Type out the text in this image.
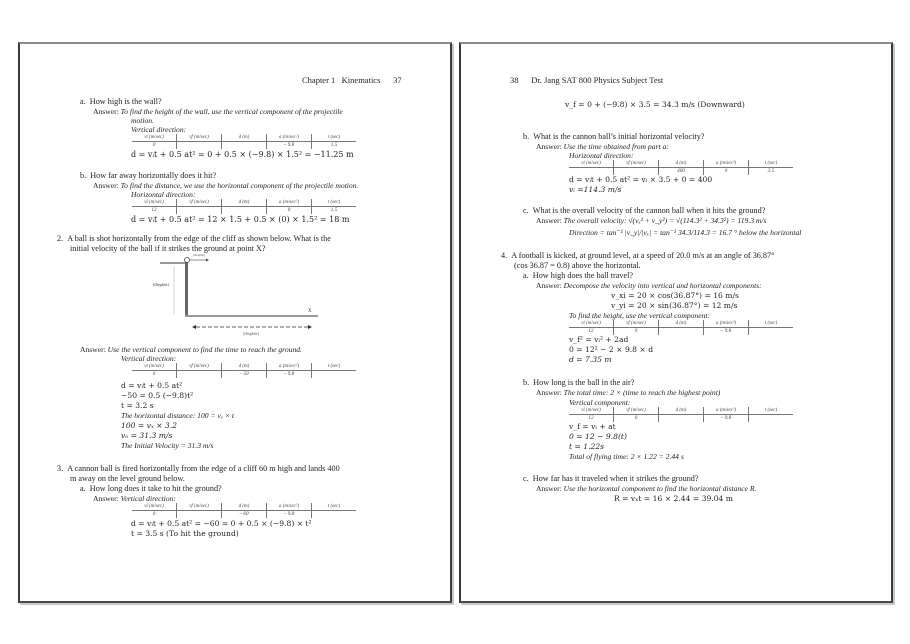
Chapter 1 Kinematics 37
a. How high is the wall?
Answer: To find the height of the wall, use the vertical component of the projectile
motion.
Vertical direction:
vi (m/sec)	vf (m/sec)	d (m)	a (m/sec²)	t (sec)
0			– 9.8	1.5
d = vᵢt + 0.5 at² = 0 + 0.5 × (−9.8) × 1.5² = −11.25 m
b. How far away horizontally does it hit?
Answer: To find the distance, we use the horizontal component of the projectile motion.
Horizontal direction:
vi (m/sec)	vf (m/sec)	d (m)	a (m/sec²)	t (sec)
12			0	1.5
d = vᵢt + 0.5 at² = 12 × 1.5 + 0.5 × (0) × 1.5² = 18 m
2. A ball is shot horizontally from the edge of the cliff as shown below. What is the
initial velocity of the ball if it strikes the ground at point X?
[illegible]
[illegible]
X
[illegible]
Answer: Use the vertical component to find the time to reach the ground.
Vertical direction:
vi (m/sec)	vf (m/sec)	d (m)	a (m/sec²)	t (sec)
0		– 50	– 9.8	
d = vᵢt + 0.5 at²
−50 = 0.5 (−9.8)t²
t = 3.2 s
The horizontal distance: 100 = vₒ × t
100 = vₓ × 3.2
vₒ = 31.3 m/s
The Initial Velocity = 31.3 m/s
3. A cannon ball is fired horizontally from the edge of a cliff 60 m high and lands 400
m away on the level ground below.
a. How long does it take to hit the ground?
Answer: Vertical direction:
vi (m/sec)	vf (m/sec)	d (m)	a (m/sec²)	t (sec)
0		– 60	– 9.8	
d = vᵢt + 0.5 at² = −60 = 0 + 0.5 × (−9.8) × t²
t = 3.5 s (To hit the ground)
38 Dr. Jang SAT 800 Physics Subject Test
v_f = 0 + (−9.8) × 3.5 = 34.3 m/s (Downward)
b. What is the cannon ball’s initial horizontal velocity?
Answer: Use the time obtained from part a:
Horizontal direction:
vi (m/sec)	vf (m/sec)	d (m)	a (m/sec²)	t (sec)
		400	0	3.5
d = vᵢt + 0.5 at² = vᵢ × 3.5 + 0 = 400
vᵢ =114.3 m/s
c. What is the overall velocity of the cannon ball when it hits the ground?
Answer: The overall velocity: √(vₓ² + v_y²) = √(114.3² + 34.3²) = 119.3 m/s
Direction = tan⁻¹ |v_y|/|vₓ| = tan⁻¹ 34.3/114.3 = 16.7 ° below the horizontal
4. A football is kicked, at ground level, at a speed of 20.0 m/s at an angle of 36.87°
(cos 36.87 = 0.8) above the horizontal.
a. How high does the ball travel?
Answer: Decompose the velocity into vertical and horizontal components:
v_xi = 20 × cos(36.87°) = 16 m/s
v_yi = 20 × sin(36.87°) = 12 m/s
To find the height, use the vertical component:
vi (m/sec)	vf (m/sec)	d (m)	a (m/sec²)	t (sec)
12	0		– 9.8	
v_f² = vᵢ² + 2ad
0 = 12² − 2 × 9.8 × d
d = 7.35 m
b. How long is the ball in the air?
Answer: The total time: 2 × (time to reach the highest point)
Vertical component:
vi (m/sec)	vf (m/sec)	d (m)	a (m/sec²)	t (sec)
12	0		– 9.8	
v_f = vᵢ + at
0 = 12 − 9.8(t)
t = 1.22s
Total of flying time: 2 × 1.22 = 2.44 s
c. How far has it traveled when it strikes the ground?
Answer: Use the horizontal component to find the horizontal distance R.
R = vₓt = 16 × 2.44 = 39.04 m
